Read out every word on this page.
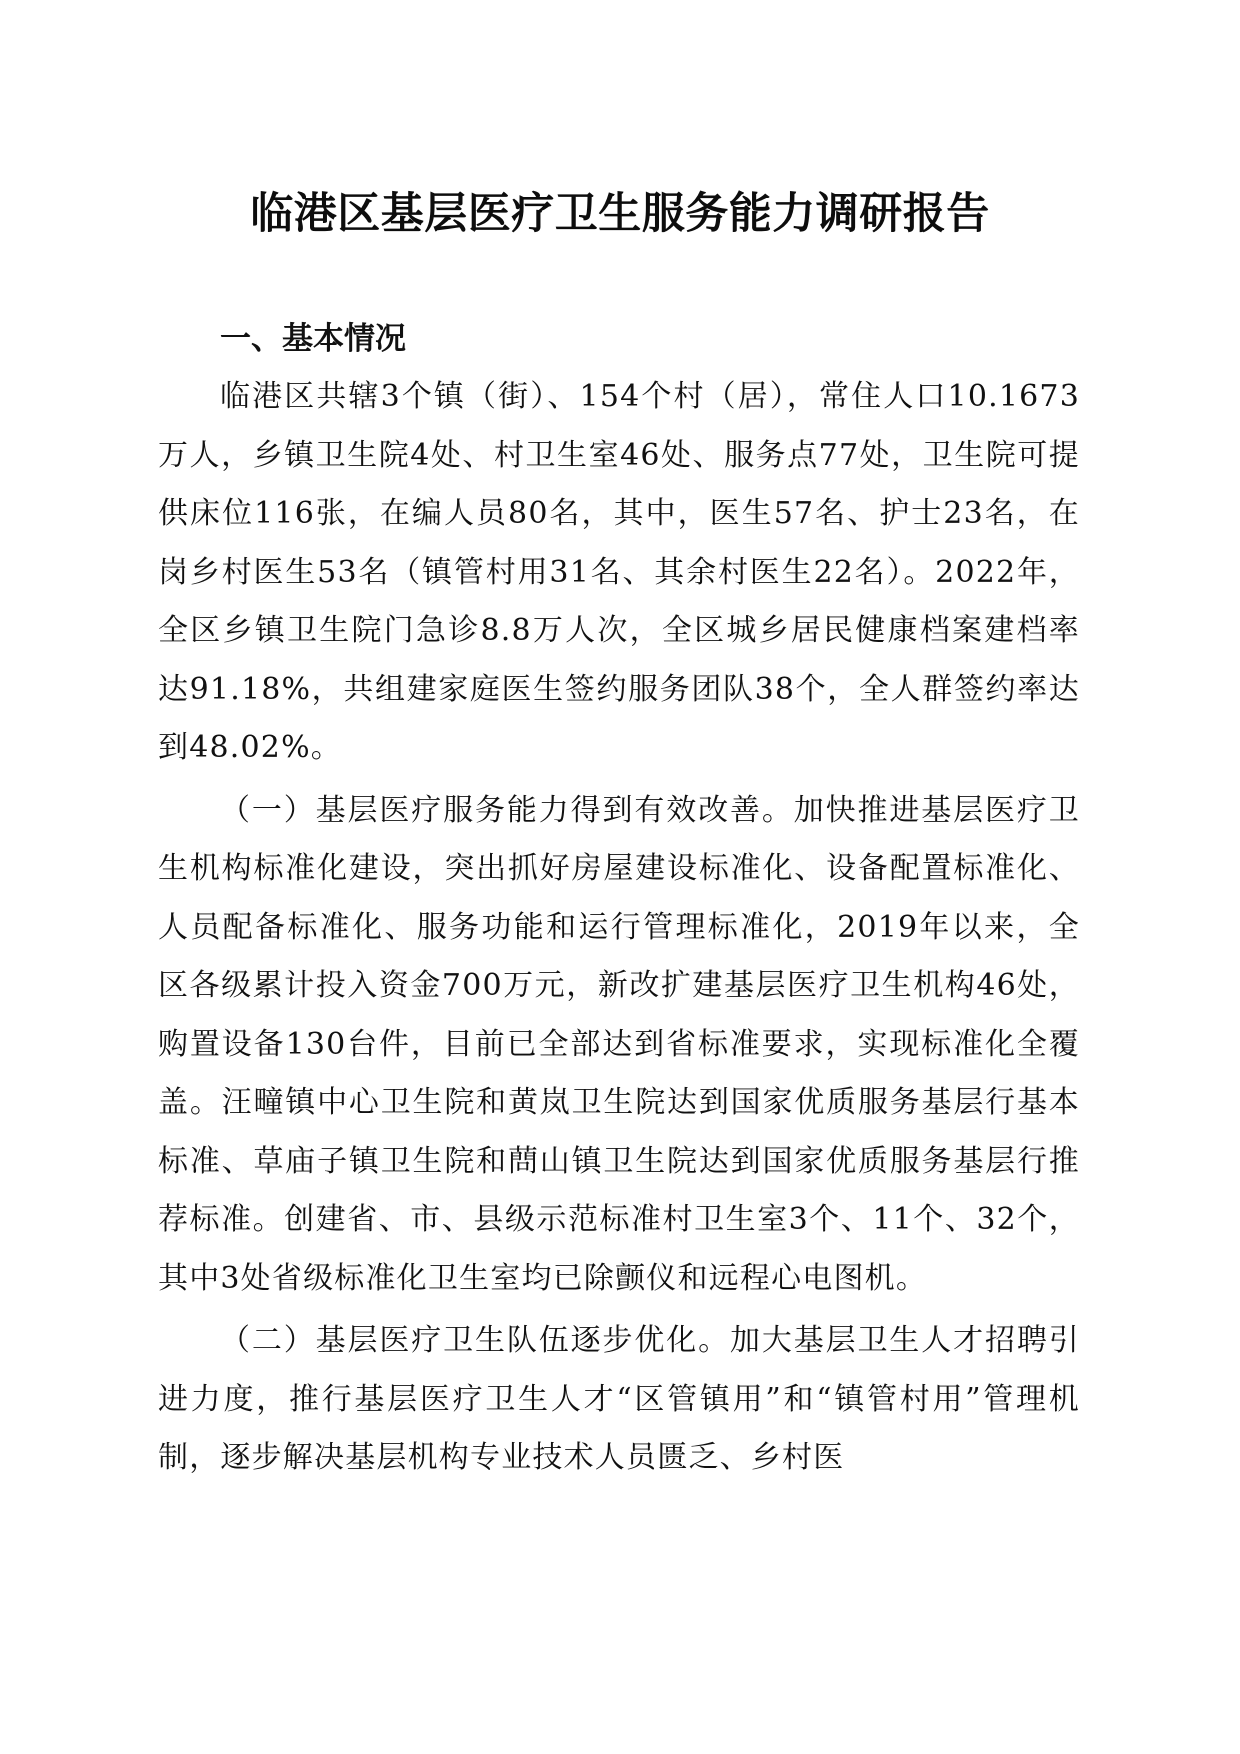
临港区基层医疗卫生服务能力调研报告
一、基本情况

临港区共辖3个镇（街）、154个村（居），常住人口10.1673万人，乡镇卫生院4处、村卫生室46处、服务点77处，卫生院可提供床位116张，在编人员80名，其中，医生57名、护士23名，在岗乡村医生53名（镇管村用31名、其余村医生22名）。2022年，全区乡镇卫生院门急诊8.8万人次，全区城乡居民健康档案建档率达91.18%，共组建家庭医生签约服务团队38个，全人群签约率达到48.02%。

（一）基层医疗服务能力得到有效改善。加快推进基层医疗卫生机构标准化建设，突出抓好房屋建设标准化、设备配置标准化、人员配备标准化、服务功能和运行管理标准化，2019年以来，全区各级累计投入资金700万元，新改扩建基层医疗卫生机构46处，购置设备130台件，目前已全部达到省标准要求，实现标准化全覆盖。汪疃镇中心卫生院和黄岚卫生院达到国家优质服务基层行基本标准、草庙子镇卫生院和蔄山镇卫生院达到国家优质服务基层行推荐标准。创建省、市、县级示范标准村卫生室3个、11个、32个，其中3处省级标准化卫生室均已除颤仪和远程心电图机。

（二）基层医疗卫生队伍逐步优化。加大基层卫生人才招聘引进力度，推行基层医疗卫生人才“区管镇用”和“镇管村用”管理机制，逐步解决基层机构专业技术人员匮乏、乡村医
